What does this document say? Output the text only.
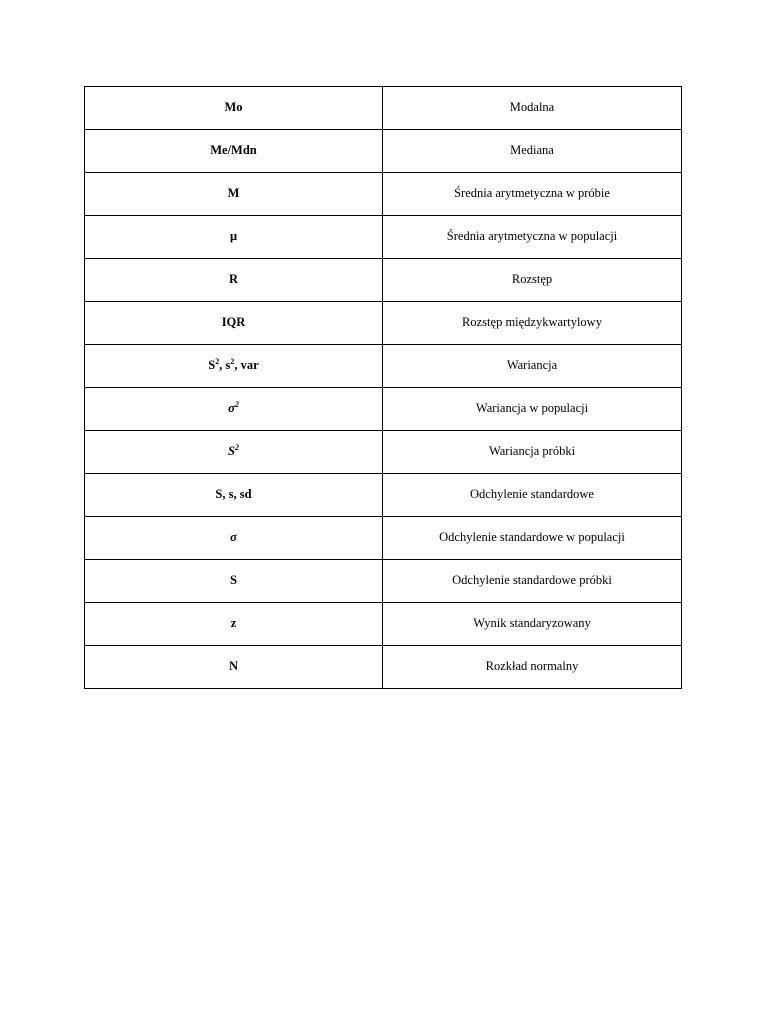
Mo	Modalna
Me/Mdn	Mediana
M	Średnia arytmetyczna w próbie
μ	Średnia arytmetyczna w populacji
R	Rozstęp
IQR	Rozstęp międzykwartylowy
$S^2$, $s^2$, var	Wariancja
$\sigma^2$	Wariancja w populacji
$S^2$	Wariancja próbki
S, s, sd	Odchylenie standardowe
σ	Odchylenie standardowe w populacji
S	Odchylenie standardowe próbki
z	Wynik standaryzowany
N	Rozkład normalny
